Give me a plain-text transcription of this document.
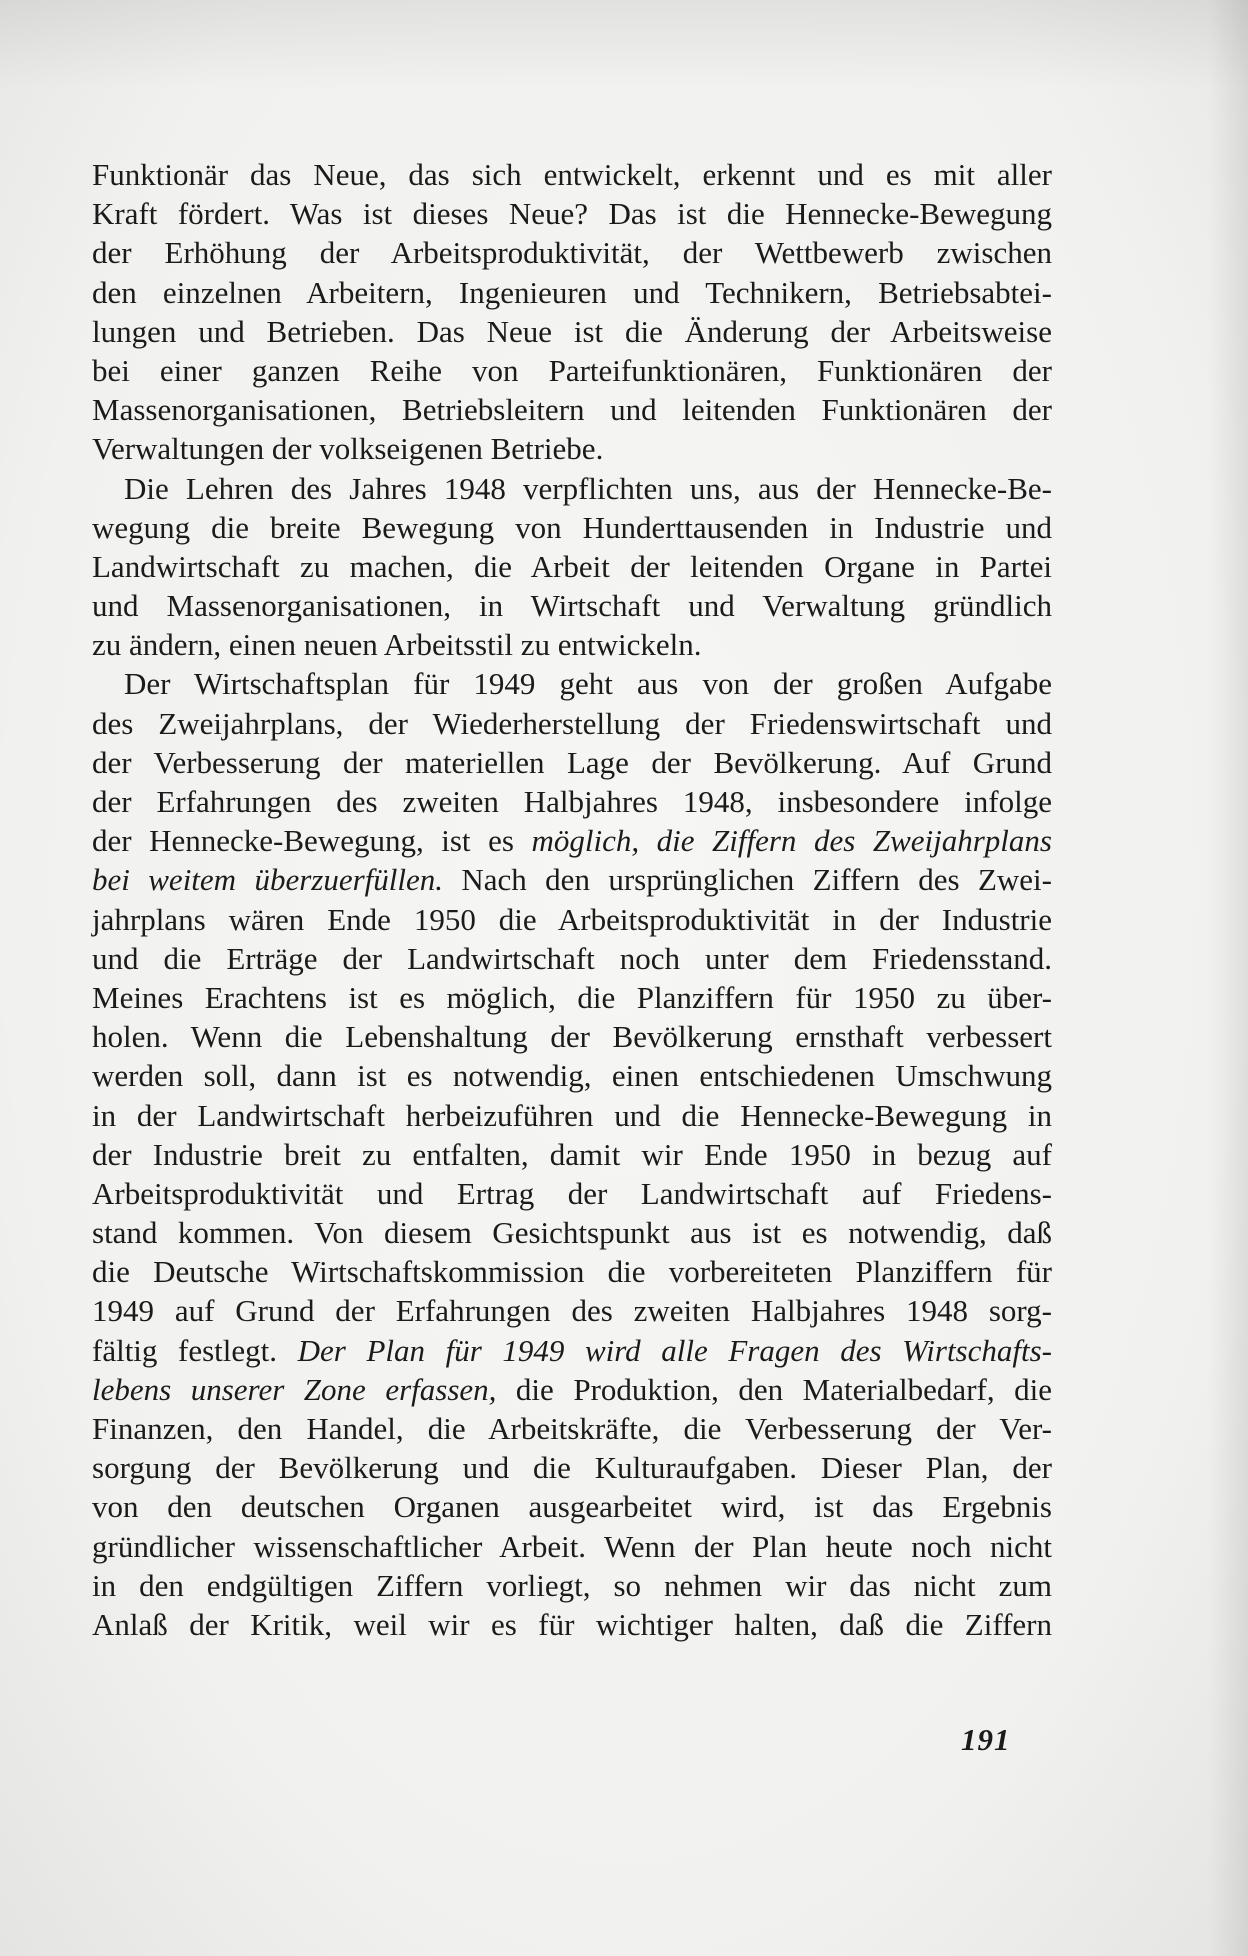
Funktionär das Neue, das sich entwickelt, erkennt und es mit aller
Kraft fördert. Was ist dieses Neue? Das ist die Hennecke-Bewegung
der Erhöhung der Arbeitsproduktivität, der Wettbewerb zwischen
den einzelnen Arbeitern, Ingenieuren und Technikern, Betriebsabtei-
lungen und Betrieben. Das Neue ist die Änderung der Arbeitsweise
bei einer ganzen Reihe von Parteifunktionären, Funktionären der
Massenorganisationen, Betriebsleitern und leitenden Funktionären der
Verwaltungen der volkseigenen Betriebe.
Die Lehren des Jahres 1948 verpflichten uns, aus der Hennecke-Be-
wegung die breite Bewegung von Hunderttausenden in Industrie und
Landwirtschaft zu machen, die Arbeit der leitenden Organe in Partei
und Massenorganisationen, in Wirtschaft und Verwaltung gründlich
zu ändern, einen neuen Arbeitsstil zu entwickeln.
Der Wirtschaftsplan für 1949 geht aus von der großen Aufgabe
des Zweijahrplans, der Wiederherstellung der Friedenswirtschaft und
der Verbesserung der materiellen Lage der Bevölkerung. Auf Grund
der Erfahrungen des zweiten Halbjahres 1948, insbesondere infolge
der Hennecke-Bewegung, ist es möglich, die Ziffern des Zweijahrplans
bei weitem überzuerfüllen. Nach den ursprünglichen Ziffern des Zwei-
jahrplans wären Ende 1950 die Arbeitsproduktivität in der Industrie
und die Erträge der Landwirtschaft noch unter dem Friedensstand.
Meines Erachtens ist es möglich, die Planziffern für 1950 zu über-
holen. Wenn die Lebenshaltung der Bevölkerung ernsthaft verbessert
werden soll, dann ist es notwendig, einen entschiedenen Umschwung
in der Landwirtschaft herbeizuführen und die Hennecke-Bewegung in
der Industrie breit zu entfalten, damit wir Ende 1950 in bezug auf
Arbeitsproduktivität und Ertrag der Landwirtschaft auf Friedens-
stand kommen. Von diesem Gesichtspunkt aus ist es notwendig, daß
die Deutsche Wirtschaftskommission die vorbereiteten Planziffern für
1949 auf Grund der Erfahrungen des zweiten Halbjahres 1948 sorg-
fältig festlegt. Der Plan für 1949 wird alle Fragen des Wirtschafts-
lebens unserer Zone erfassen, die Produktion, den Materialbedarf, die
Finanzen, den Handel, die Arbeitskräfte, die Verbesserung der Ver-
sorgung der Bevölkerung und die Kulturaufgaben. Dieser Plan, der
von den deutschen Organen ausgearbeitet wird, ist das Ergebnis
gründlicher wissenschaftlicher Arbeit. Wenn der Plan heute noch nicht
in den endgültigen Ziffern vorliegt, so nehmen wir das nicht zum
Anlaß der Kritik, weil wir es für wichtiger halten, daß die Ziffern
191
